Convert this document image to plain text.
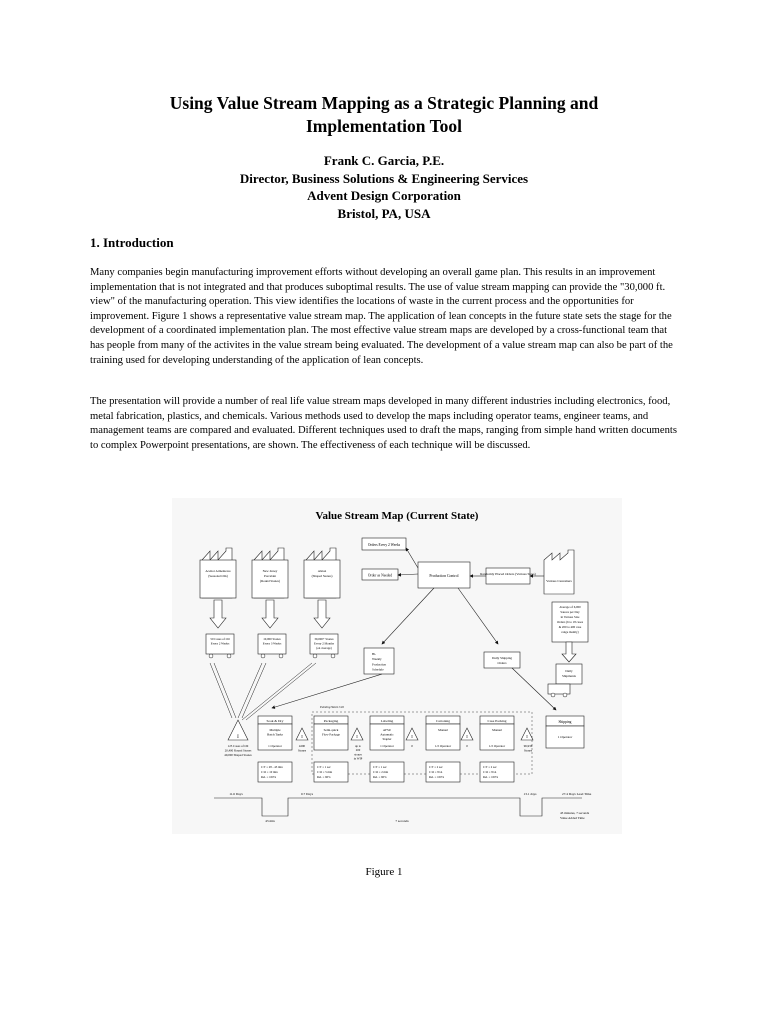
Using Value Stream Mapping as a Strategic Planning and
Implementation Tool
Frank C. Garcia, P.E.
Director, Business Solutions & Engineering Services
Advent Design Corporation
Bristol, PA, USA
1. Introduction
Many companies begin manufacturing improvement efforts without developing an overall game plan. This results in an improvement implementation that is not integrated and that produces suboptimal results. The use of value stream mapping can provide the "30,000 ft. view" of the manufacturing operation. This view identifies the locations of waste in the current process and the opportunities for improvement. Figure 1 shows a representative value stream map. The application of lean concepts in the future state sets the stage for the development of a coordinated implementation plan. The most effective value stream maps are developed by a cross-functional team that has people from many of the activites in the value stream being evaluated. The development of a value stream map can also be part of the training used for developing understanding of the application of lean concepts.
The presentation will provide a number of real life value stream maps developed in many different industries including electronics, food, metal fabrication, plastics, and chemicals. Various methods used to develop the maps including operator teams, engineer teams, and management teams are compared and evaluated. Different techniques used to draft the maps, ranging from simple hand written documents to complex Powerpoint presentations, are shown. The effectiveness of each technique will be discussed.
Value Stream Map (Current State)
Orders Every 2 Weeks
Order as Needed	Production Control	Randomly Placed Orders (Various Sizes)
Various Customers
Average of 6,000
Sauces per Day
in Various Size
Orders (6 to 18 cases
& 200 to 400 case
range mainly)
Aceitor Armenteros
(Seasonal Oils)
50 Cases of Oil
Every 2 Weeks
New Jersey
Porcelain
(Round Stones)
10,000 Stones
Every 3 Weeks
Alsion
(Shaped Stones)
30,000+ Stones
Every 2 Months
(on average)
Bi-
Weekly
Production
Schedule
Daily Shipping
Orders
Daily
Shipments
Existing Work Cell
I
125 Cases of Oil
20,400 Round Stones
49,000 Shaped Stones
Soak & Dry
Multiple
Batch Tanks
1 Operator
C/T = 28 - 43 min
C/O = 10 min
Rel. = 100%
Packaging
Semi-quick
Flow Package
C/T = 1 sec
C/O = 5 min
Rel. = 60%
Labeling
AFSU
Automatic
Stapler
1 Operator
C/T = 1 sec
C/O = 2 min
Rel. = 60%
Cartoning
Manual
1/2 Operator
C/T = 2 sec
C/O = N/A
Rel. = 100%
Case Packing
Manual
1/2 Operator
C/T = 2 sec
C/O = N/A
Rel. = 100%
I
4290
Stones
I
up to
200
stones
in WIP
I
0
I
0
I
96,936
Stones
Shipping
1 Operator
11.6 Days	0.7 Days	13.1 days
43 min	7 seconds
27.4 Days Lead Time
43 minutes, 7 seconds
Value Added Time
Figure 1
